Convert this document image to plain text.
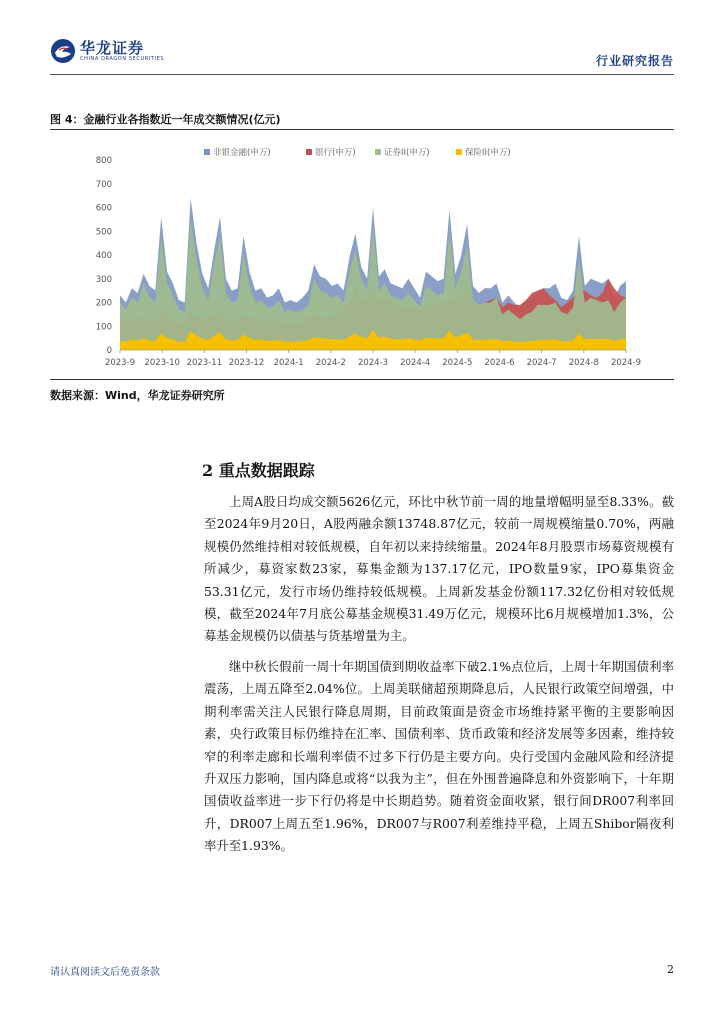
华龙证券
CHINA DRAGON SECURITIES	行业研究报告
图 4：金融行业各指数近一年成交额情况(亿元)
非银金融(申万)	银行(申万)	证券II(申万)	保险II(申万)
0
100
200
300
400
500
600
700
800
2023-9 2023-10 2023-11 2023-12 2024-1 2024-2 2024-3 2024-4 2024-5 2024-6 2024-7 2024-8 2024-9
数据来源：Wind，华龙证券研究所
2 重点数据跟踪
上周A股日均成交额5626亿元，环比中秋节前一周的地量增幅明显至8.33%。截至2024年9月20日，A股两融余额13748.87亿元，较前一周规模缩量0.70%，两融规模仍然维持相对较低规模，自年初以来持续缩量。2024年8月股票市场募资规模有所减少，募资家数23家，募集金额为137.17亿元，IPO数量9家，IPO募集资金53.31亿元，发行市场仍维持较低规模。上周新发基金份额117.32亿份相对较低规模，截至2024年7月底公募基金规模31.49万亿元，规模环比6月规模增加1.3%，公募基金规模仍以债基与货基增量为主。
继中秋长假前一周十年期国债到期收益率下破2.1%点位后，上周十年期国债利率震荡，上周五降至2.04%位。上周美联储超预期降息后，人民银行政策空间增强，中期利率需关注人民银行降息周期，目前政策面是资金市场维持紧平衡的主要影响因素，央行政策目标仍维持在汇率、国债利率、货币政策和经济发展等多因素，维持较窄的利率走廊和长端利率债不过多下行仍是主要方向。央行受国内金融风险和经济提升双压力影响，国内降息或将“以我为主”，但在外围普遍降息和外资影响下，十年期国债收益率进一步下行仍将是中长期趋势。随着资金面收紧，银行间DR007利率回升，DR007上周五至1.96%，DR007与R007利差维持平稳，上周五Shibor隔夜利率升至1.93%。
请认真阅读文后免责条款	2
